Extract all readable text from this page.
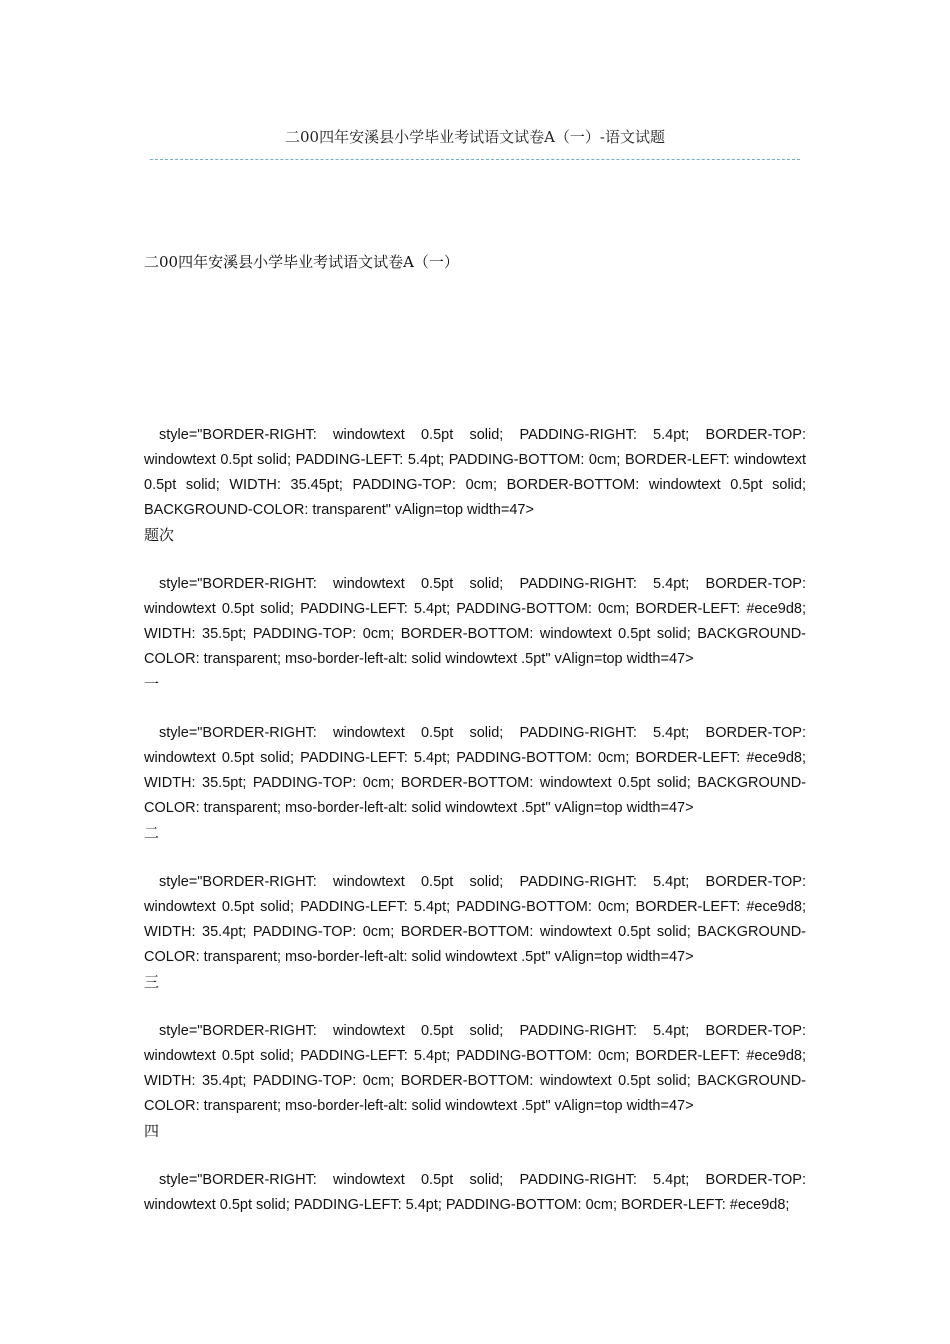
二00四年安溪县小学毕业考试语文试卷A（一）-语文试题
二00四年安溪县小学毕业考试语文试卷A（一）

style="BORDER-RIGHT: windowtext 0.5pt solid; PADDING-RIGHT: 5.4pt; BORDER-TOP: windowtext 0.5pt solid; PADDING-LEFT: 5.4pt; PADDING-BOTTOM: 0cm; BORDER-LEFT: windowtext 0.5pt solid; WIDTH: 35.45pt; PADDING-TOP: 0cm; BORDER-BOTTOM: windowtext 0.5pt solid; BACKGROUND-COLOR: transparent" vAlign=top width=47>

题次

style="BORDER-RIGHT: windowtext 0.5pt solid; PADDING-RIGHT: 5.4pt; BORDER-TOP: windowtext 0.5pt solid; PADDING-LEFT: 5.4pt; PADDING-BOTTOM: 0cm; BORDER-LEFT: #ece9d8; WIDTH: 35.5pt; PADDING-TOP: 0cm; BORDER-BOTTOM: windowtext 0.5pt solid; BACKGROUND-COLOR: transparent; mso-border-left-alt: solid windowtext .5pt" vAlign=top width=47>

一

style="BORDER-RIGHT: windowtext 0.5pt solid; PADDING-RIGHT: 5.4pt; BORDER-TOP: windowtext 0.5pt solid; PADDING-LEFT: 5.4pt; PADDING-BOTTOM: 0cm; BORDER-LEFT: #ece9d8; WIDTH: 35.5pt; PADDING-TOP: 0cm; BORDER-BOTTOM: windowtext 0.5pt solid; BACKGROUND-COLOR: transparent; mso-border-left-alt: solid windowtext .5pt" vAlign=top width=47>

二

style="BORDER-RIGHT: windowtext 0.5pt solid; PADDING-RIGHT: 5.4pt; BORDER-TOP: windowtext 0.5pt solid; PADDING-LEFT: 5.4pt; PADDING-BOTTOM: 0cm; BORDER-LEFT: #ece9d8; WIDTH: 35.4pt; PADDING-TOP: 0cm; BORDER-BOTTOM: windowtext 0.5pt solid; BACKGROUND-COLOR: transparent; mso-border-left-alt: solid windowtext .5pt" vAlign=top width=47>

三

style="BORDER-RIGHT: windowtext 0.5pt solid; PADDING-RIGHT: 5.4pt; BORDER-TOP: windowtext 0.5pt solid; PADDING-LEFT: 5.4pt; PADDING-BOTTOM: 0cm; BORDER-LEFT: #ece9d8; WIDTH: 35.4pt; PADDING-TOP: 0cm; BORDER-BOTTOM: windowtext 0.5pt solid; BACKGROUND-COLOR: transparent; mso-border-left-alt: solid windowtext .5pt" vAlign=top width=47>

四

style="BORDER-RIGHT: windowtext 0.5pt solid; PADDING-RIGHT: 5.4pt; BORDER-TOP: windowtext 0.5pt solid; PADDING-LEFT: 5.4pt; PADDING-BOTTOM: 0cm; BORDER-LEFT: #ece9d8;
